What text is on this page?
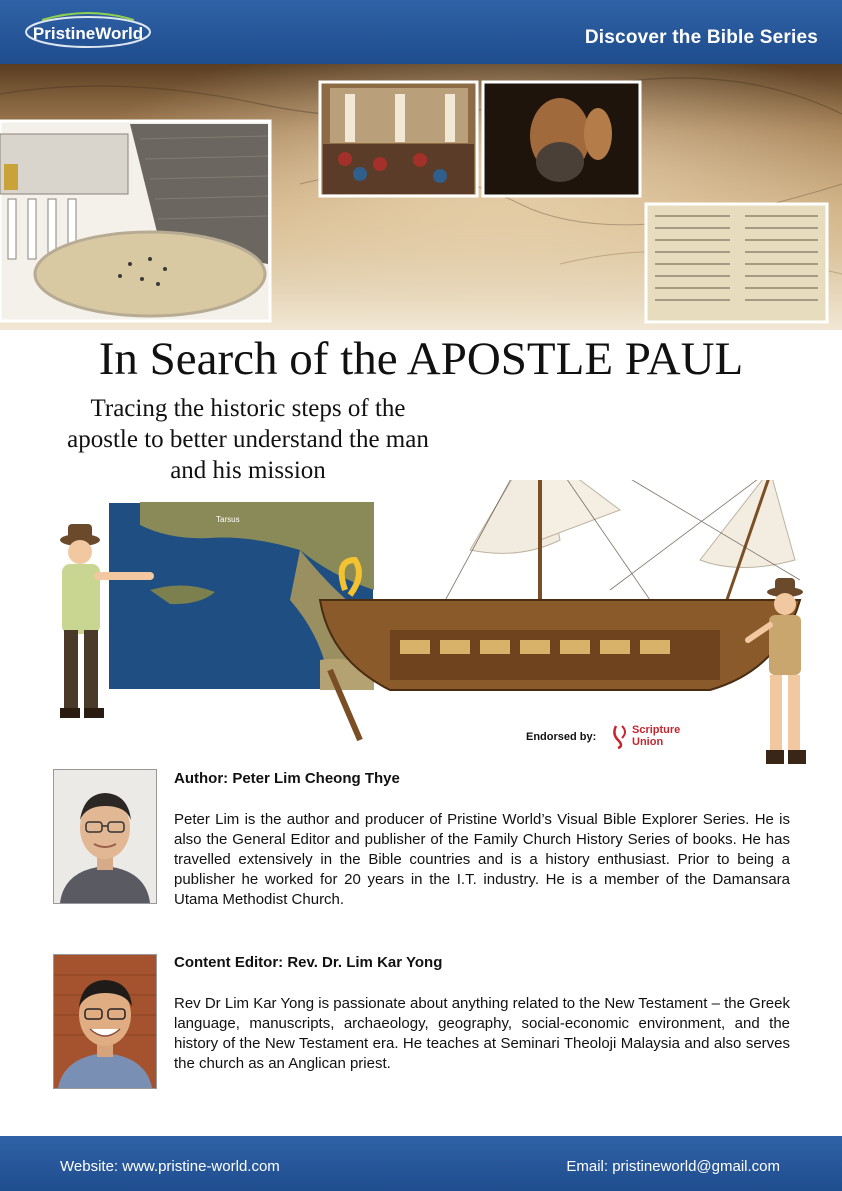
PristineWorld	Discover the Bible Series
In Search of the APOSTLE PAUL
Tracing the historic steps of the apostle to better understand the man and his mission
Tarsus
Endorsed by:
Scripture
Union
Author: Peter Lim Cheong Thye

Peter Lim is the author and producer of Pristine World’s Visual Bible Explorer Series. He is also the General Editor and publisher of the Family Church History Series of books. He has travelled extensively in the Bible countries and is a history enthusiast. Prior to being a publisher he worked for 20 years in the I.T. industry. He is a member of the Damansara Utama Methodist Church.

Content Editor: Rev. Dr. Lim Kar Yong

Rev Dr Lim Kar Yong is passionate about anything related to the New Testament – the Greek language, manuscripts, archaeology, geography, social-economic environment, and the history of the New Testament era. He teaches at Seminari Theoloji Malaysia and also serves the church as an Anglican priest.

Website: www.pristine-world.com	Email: pristineworld@gmail.com
